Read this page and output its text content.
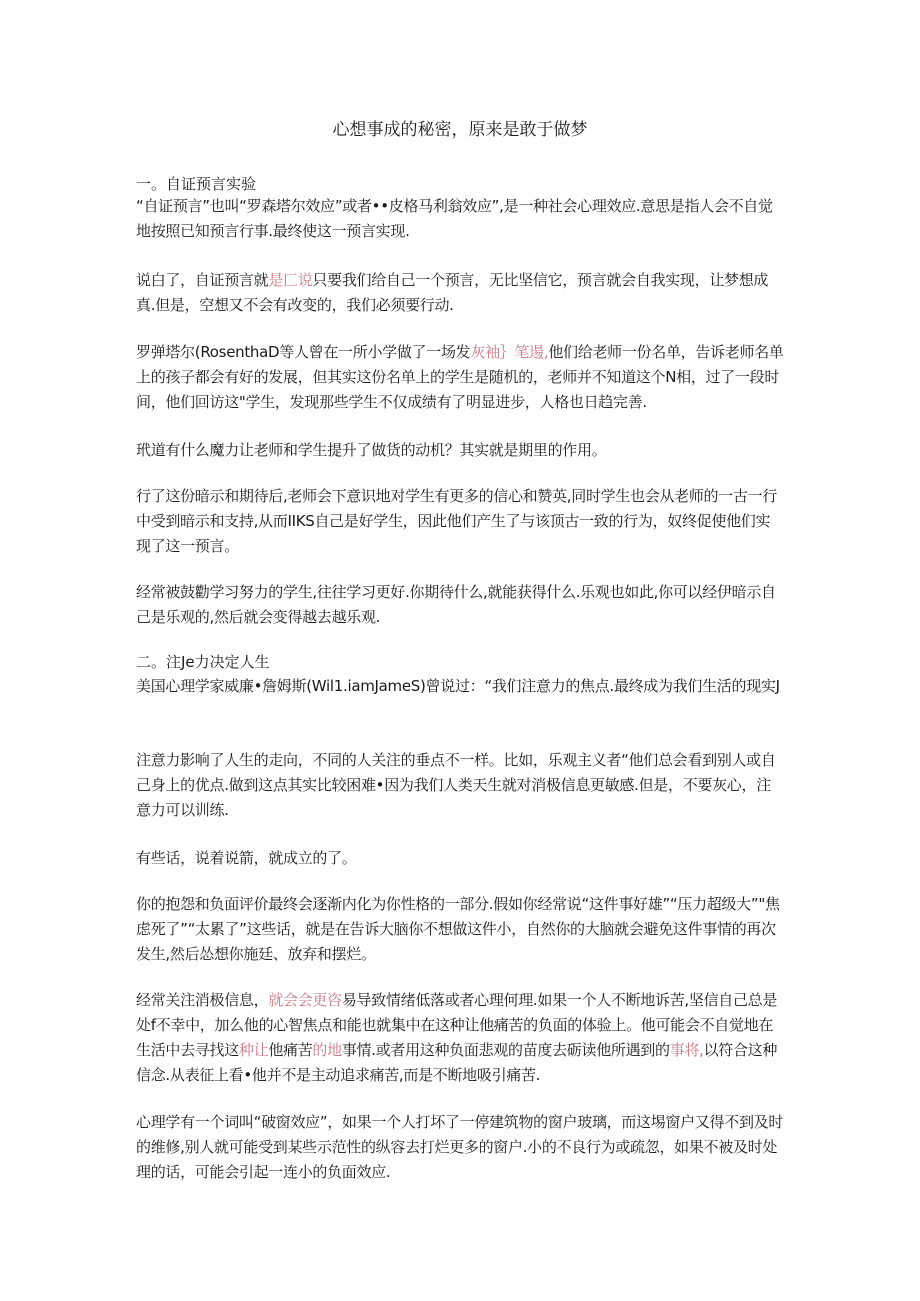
心想事成的秘密，原来是敢于做梦
一。自证预言实验
“自证预言”也叫“罗森塔尔效应”或者••皮格马利翁效应”,是一种社会心理效应.意思是指人会不自觉地按照已知预言行事.最终使这一预言实现.
说白了，自证预言就是匚说只要我们给自己一个预言，无比坚信它，预言就会自我实现，让梦想成真.但是，空想又不会有改变的，我们必须要行动.
罗弹塔尔(RosenthaD等人曾在一所小学做了一场发灰袖｝笔逿,他们给老师一份名单，告诉老师名单上的孩子都会有好的发展，但其实这份名单上的学生是随机的，老师并不知道这个N相，过了一段时间，他们回访这"学生，发现那些学生不仅成绩有了明显进步，人格也日趋完善.
玳道有什么魔力让老师和学生提升了做货的动机？其实就是期里的作用。
行了这份暗示和期待后,老师会下意识地对学生有更多的信心和赞英,同时学生也会从老师的一古一行中受到暗示和支持,从而IIKS自己是好学生，因此他们产生了与该顶古一致的行为，奴终促使他们实现了这一预言。
经常被鼓勸学习努力的学生,往往学习更好.你期待什么,就能获得什么.乐观也如此,你可以经伊暗示自己是乐观的,然后就会变得越去越乐观.
二。注Je力决定人生
美国心理学家威廉•詹姆斯(Wil1.iamJameS)曾说过：“我们注意力的焦点.最终成为我们生活的现实J
注意力影响了人生的走向，不同的人关注的垂点不一样。比如，乐观主义者“他们总会看到别人或自己身上的优点.做到这点其实比较困难•因为我们人类天生就对消极信息更敏感.但是，不要灰心，注意力可以训练.
有些话，说着说箭，就成立的了。
你的抱怨和负面评价最终会逐渐内化为你性格的一部分.假如你经常说“这件事好雄”“压力超级大”"焦虑死了”“太累了”这些话，就是在告诉大脑你不想做这件小，自然你的大脑就会避免这件事情的再次发生,然后怂想你施廷、放弃和摆烂。
经常关注消极信息，就会会更咨易导致情绪低落或者心理何理.如果一个人不断地诉苦,坚信自己总是处f不幸中，加么他的心智焦点和能也就集中在这种让他痛苦的负面的体验上。他可能会不自觉地在生活中去寻找这种让他痛苦的地事情.或者用这种负面悲观的苗度去砺读他所遇到的事将,以符合这种信念.从表征上看•他并不是主动追求痛苦,而是不断地吸引痛苦.
心理学有一个词叫“破窗效应”，如果一个人打坏了一停建筑物的窗户玻璃，而这埸窗户又得不到及时的维修,别人就可能受到某些示范性的纵容去打烂更多的窗户.小的不良行为或疏忽，如果不被及时处理的话，可能会引起一连小的负面效应.
